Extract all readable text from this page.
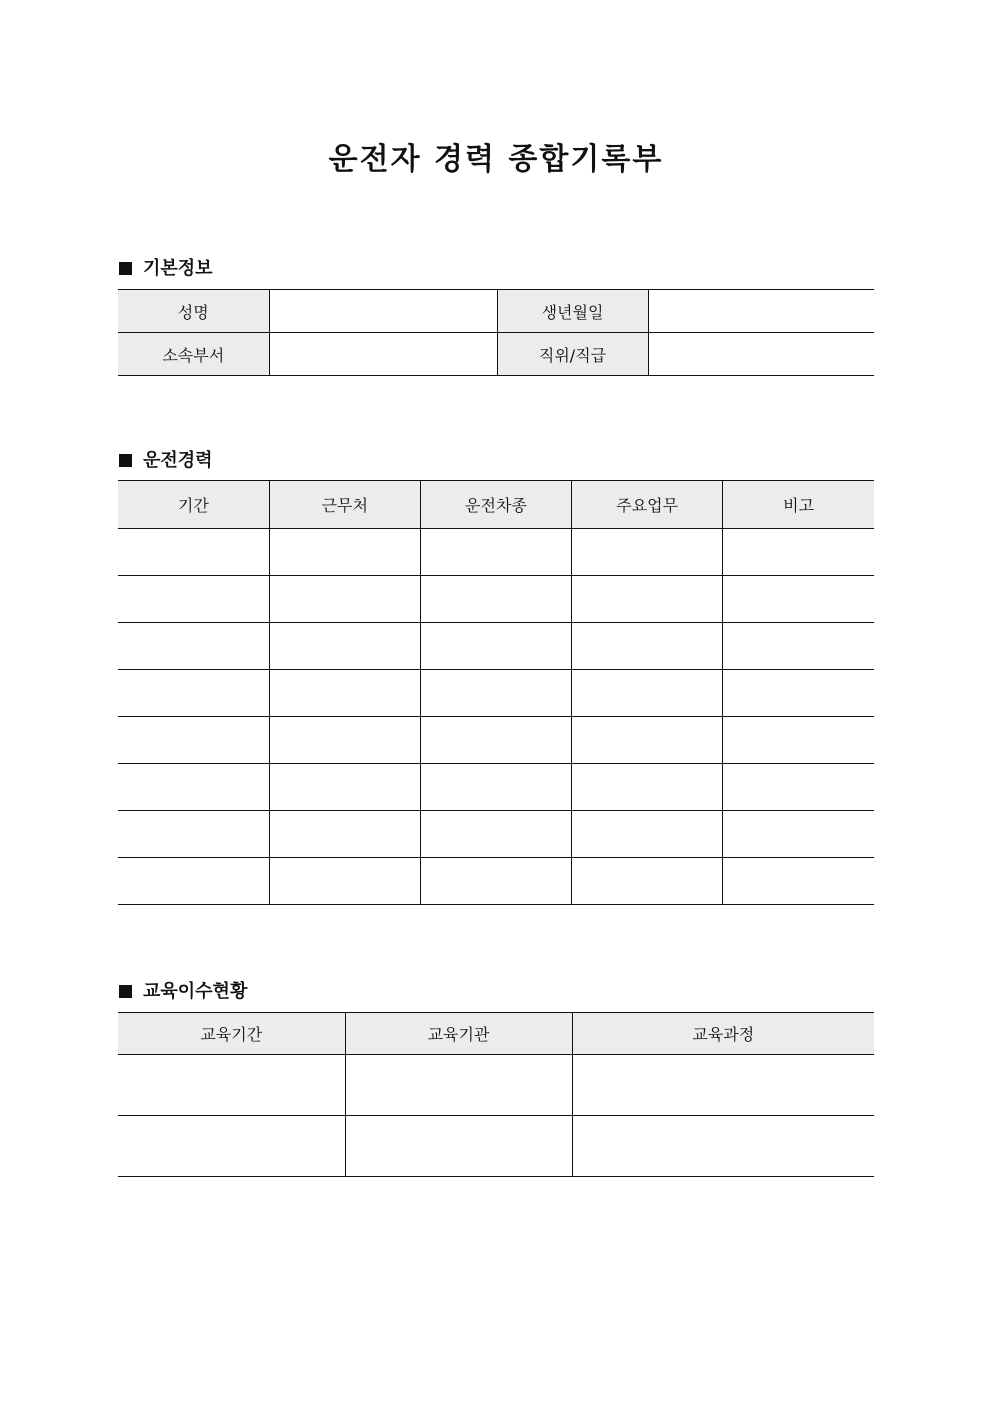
운전자 경력 종합기록부
기본정보
성명		생년월일	
소속부서		직위/직급	
운전경력
기간	근무처	운전차종	주요업무	비고

교육이수현황
교육기간	교육기관	교육과정
